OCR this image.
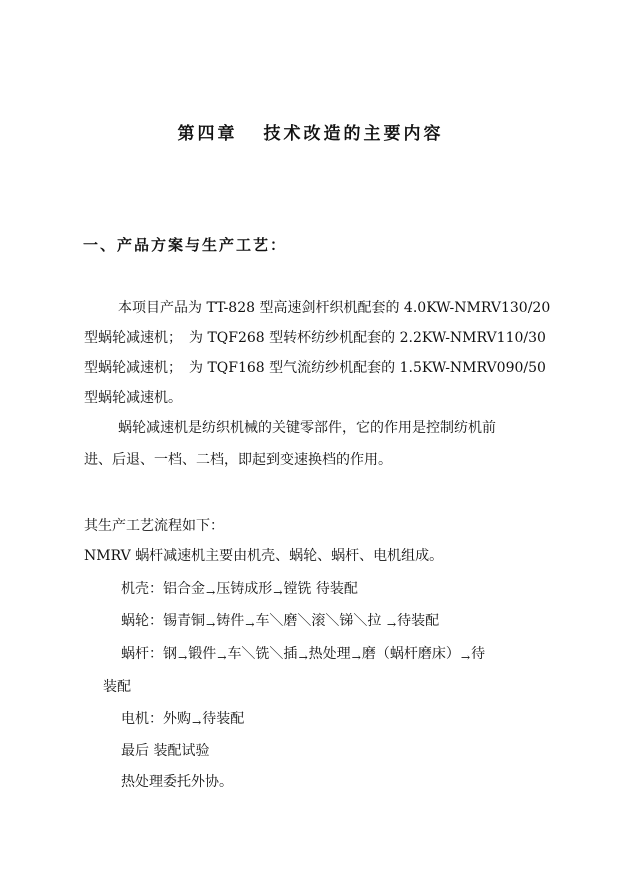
第四章 技术改造的主要内容
一、产品方案与生产工艺：
本项目产品为 TT-828 型高速剑杆织机配套的 4.0KW-NMRV130/20
型蜗轮减速机；　为 TQF268 型转杯纺纱机配套的 2.2KW-NMRV110/30
型蜗轮减速机；　为 TQF168 型气流纺纱机配套的 1.5KW-NMRV090/50
型蜗轮减速机。
蜗轮减速机是纺织机械的关键零部件，它的作用是控制纺机前
进、后退、一档、二档，即起到变速换档的作用。
其生产工艺流程如下：
NMRV 蜗杆减速机主要由机壳、蜗轮、蜗杆、电机组成。
机壳：铝合金→压铸成形→镗铣 待装配
蜗轮：锡青铜→铸件→车＼磨＼滚＼锑＼拉 →待装配
蜗杆：钢→锻件→车＼铣＼插→热处理→磨（蜗杆磨床）→待
装配
电机：外购→待装配
最后 装配试验
热处理委托外协。
